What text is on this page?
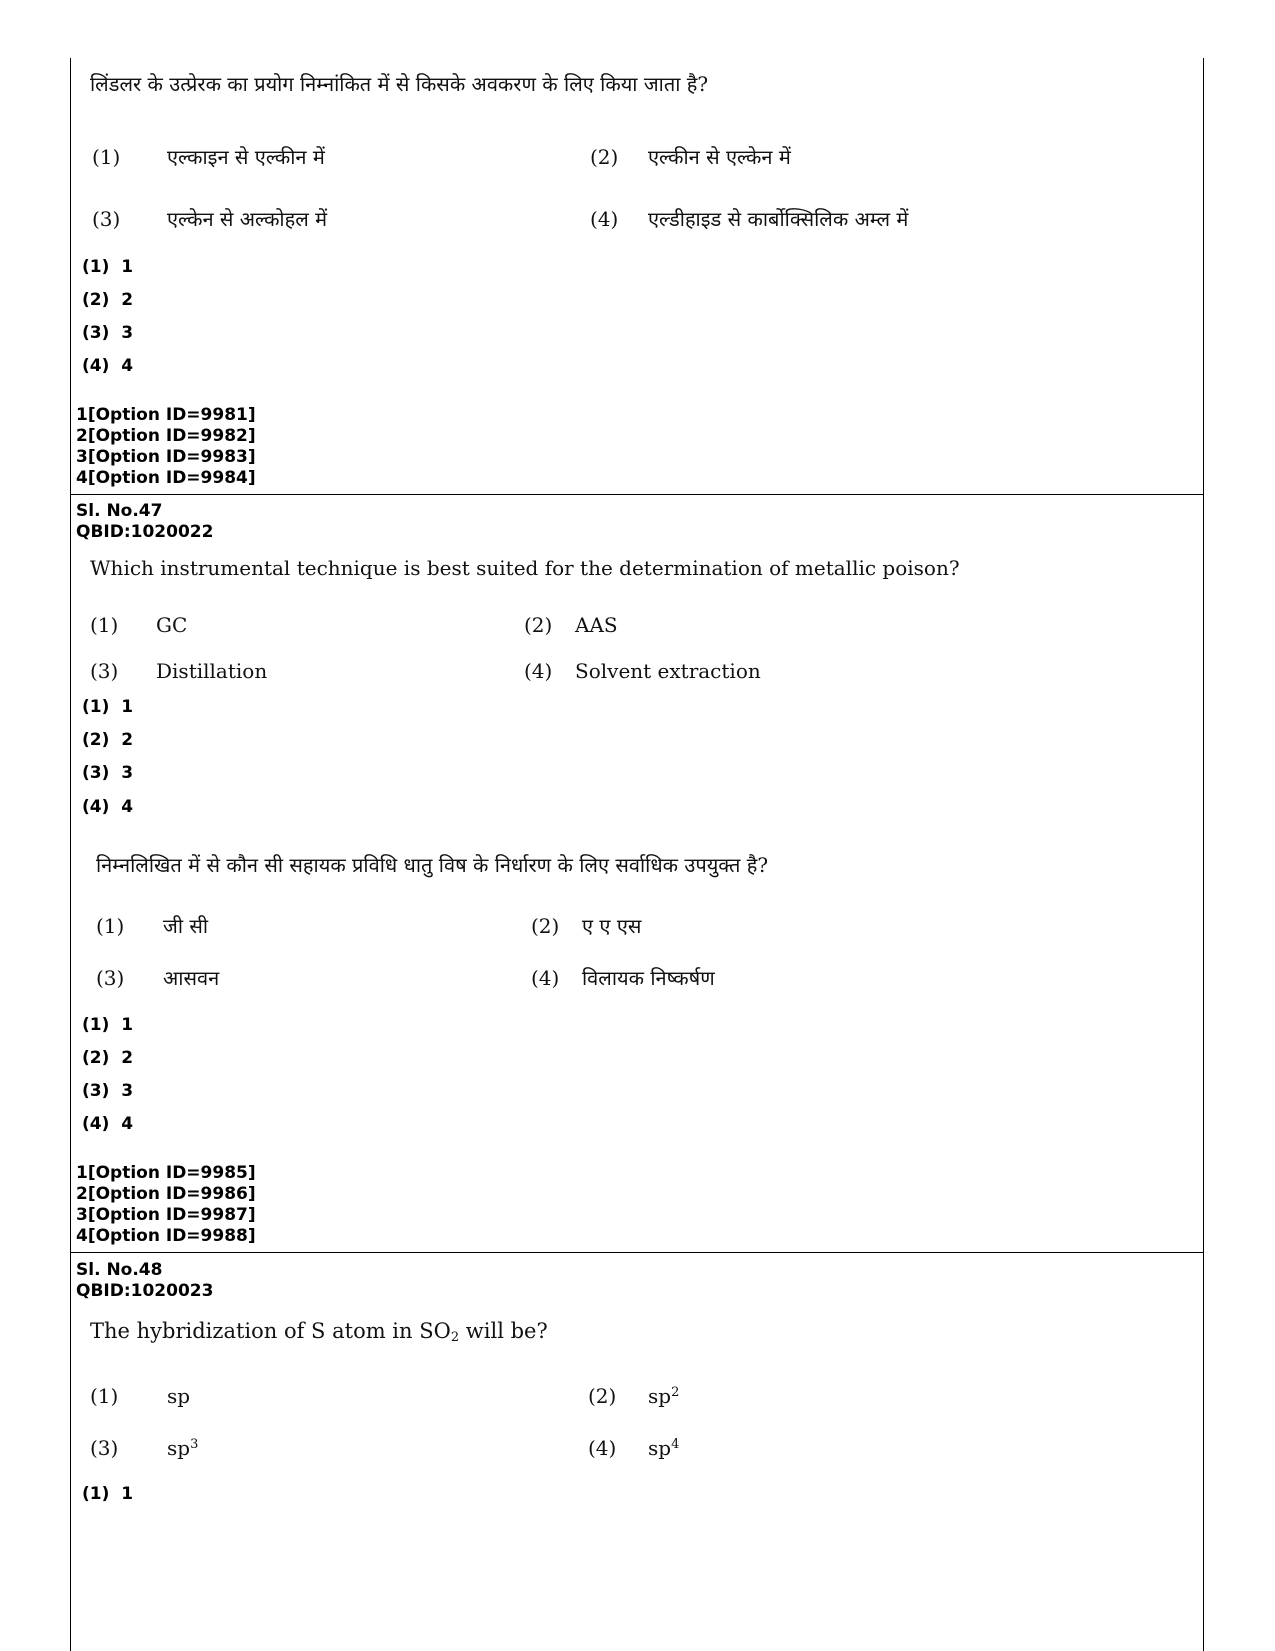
लिंडलर के उत्प्रेरक का प्रयोग निम्नांकित में से किसके अवकरण के लिए किया जाता है?
(1) एल्काइन से एल्कीन में	(2) एल्कीन से एल्केन में
(3) एल्केन से अल्कोहल में	(4) एल्डीहाइड से कार्बोक्सिलिक अम्ल में
(1) 1
(2) 2
(3) 3
(4) 4
1[Option ID=9981]
2[Option ID=9982]
3[Option ID=9983]
4[Option ID=9984]
Sl. No.47
QBID:1020022
Which instrumental technique is best suited for the determination of metallic poison?
(1) GC	(2) AAS
(3) Distillation	(4) Solvent extraction
(1) 1
(2) 2
(3) 3
(4) 4
निम्नलिखित में से कौन सी सहायक प्रविधि धातु विष के निर्धारण के लिए सर्वाधिक उपयुक्त है?
(1) जी सी	(2) ए ए एस
(3) आसवन	(4) विलायक निष्कर्षण
(1) 1
(2) 2
(3) 3
(4) 4
1[Option ID=9985]
2[Option ID=9986]
3[Option ID=9987]
4[Option ID=9988]
Sl. No.48
QBID:1020023
The hybridization of S atom in $SO_2$ will be?
(1) sp	(2) $sp^2$
(3) $sp^3$	(4) $sp^4$
(1) 1
